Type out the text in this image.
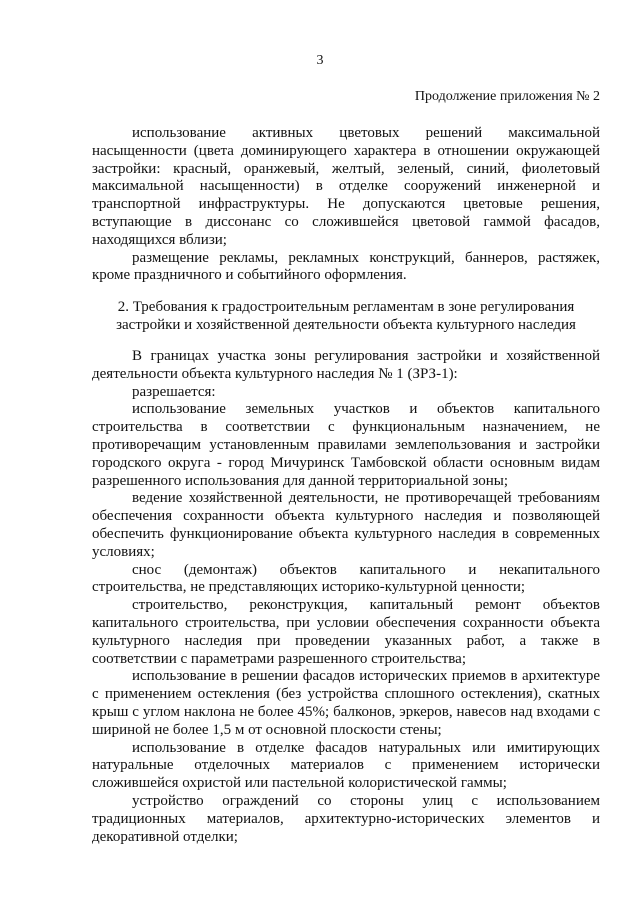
3
Продолжение приложения № 2

использование активных цветовых решений максимальной насыщенности (цвета доминирующего характера в отношении окружающей застройки: красный, оранжевый, желтый, зеленый, синий, фиолетовый максимальной насыщенности) в отделке сооружений инженерной и транспортной инфраструктуры. Не допускаются цветовые решения, вступающие в диссонанс со сложившейся цветовой гаммой фасадов, находящихся вблизи;

размещение рекламы, рекламных конструкций, баннеров, растяжек, кроме праздничного и событийного оформления.

2. Требования к градостроительным регламентам в зоне регулирования застройки и хозяйственной деятельности объекта культурного наследия

В границах участка зоны регулирования застройки и хозяйственной деятельности объекта культурного наследия № 1 (ЗРЗ-1):

разрешается:

использование земельных участков и объектов капитального строительства в соответствии с функциональным назначением, не противоречащим установленным правилами землепользования и застройки городского округа - город Мичуринск Тамбовской области основным видам разрешенного использования для данной территориальной зоны;

ведение хозяйственной деятельности, не противоречащей требованиям обеспечения сохранности объекта культурного наследия и позволяющей обеспечить функционирование объекта культурного наследия в современных условиях;

снос (демонтаж) объектов капитального и некапитального строительства, не представляющих историко-культурной ценности;

строительство, реконструкция, капитальный ремонт объектов капитального строительства, при условии обеспечения сохранности объекта культурного наследия при проведении указанных работ, а также в соответствии с параметрами разрешенного строительства;

использование в решении фасадов исторических приемов в архитектуре с применением остекления (без устройства сплошного остекления), скатных крыш с углом наклона не более 45%; балконов, эркеров, навесов над входами с шириной не более 1,5 м от основной плоскости стены;

использование в отделке фасадов натуральных или имитирующих натуральные отделочных материалов с применением исторически сложившейся охристой или пастельной колористической гаммы;

устройство ограждений со стороны улиц с использованием традиционных материалов, архитектурно-исторических элементов и декоративной отделки;
